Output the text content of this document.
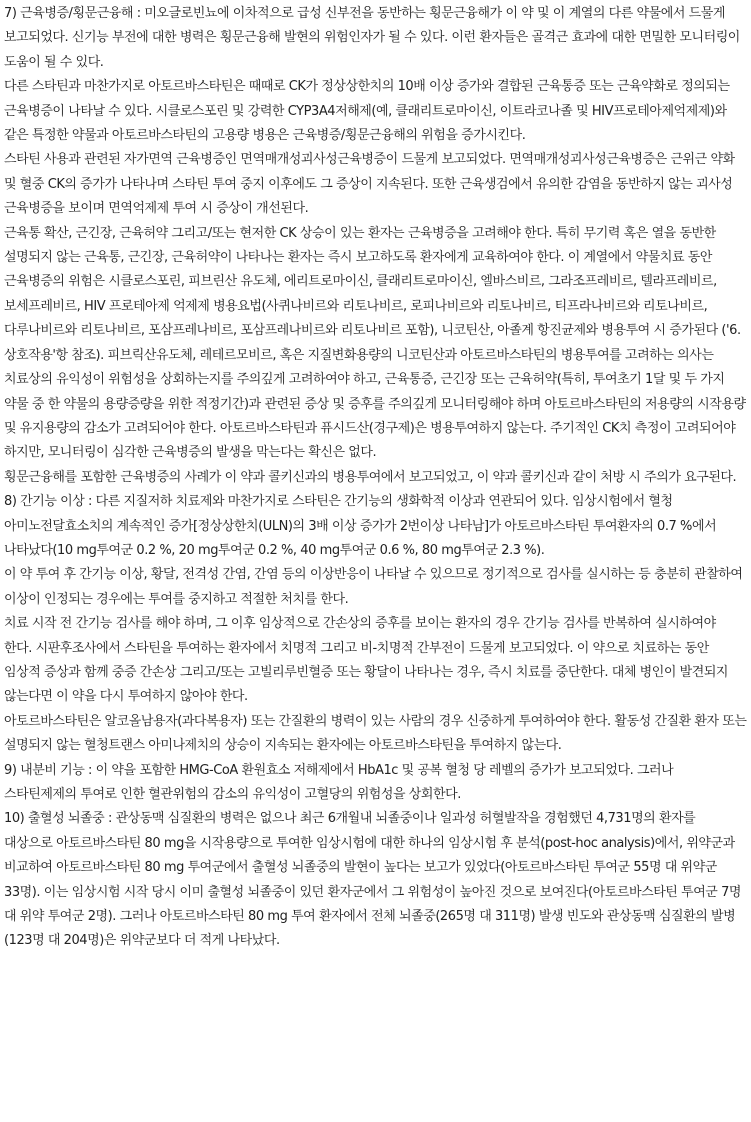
7) 근육병증/횡문근융해 : 미오글로빈뇨에 이차적으로 급성 신부전을 동반하는 횡문근융해가 이 약 및 이 계열의 다른 약물에서 드물게 보고되었다. 신기능 부전에 대한 병력은 횡문근융해 발현의 위험인자가 될 수 있다. 이런 환자들은 골격근 효과에 대한 면밀한 모니터링이 도움이 될 수 있다.

다른 스타틴과 마찬가지로 아토르바스타틴은 때때로 CK가 정상상한치의 10배 이상 증가와 결합된 근육통증 또는 근육약화로 정의되는 근육병증이 나타날 수 있다. 시클로스포린 및 강력한 CYP3A4저해제(예, 클래리트로마이신, 이트라코나졸 및 HIV프로테아제억제제)와 같은 특정한 약물과 아토르바스타틴의 고용량 병용은 근육병증/횡문근융해의 위험을 증가시킨다.

스타틴 사용과 관련된 자가면역 근육병증인 면역매개성괴사성근육병증이 드물게 보고되었다. 면역매개성괴사성근육병증은 근위근 약화 및 혈중 CK의 증가가 나타나며 스타틴 투여 중지 이후에도 그 증상이 지속된다. 또한 근육생검에서 유의한 감염을 동반하지 않는 괴사성 근육병증을 보이며 면역억제제 투여 시 증상이 개선된다.

근육통 확산, 근긴장, 근육허약 그리고/또는 현저한 CK 상승이 있는 환자는 근육병증을 고려해야 한다. 특히 무기력 혹은 열을 동반한 설명되지 않는 근육통, 근긴장, 근육허약이 나타나는 환자는 즉시 보고하도록 환자에게 교육하여야 한다. 이 계열에서 약물치료 동안 근육병증의 위험은 시클로스포린, 피브린산 유도체, 에리트로마이신, 클래리트로마이신, 엘바스비르, 그라조프레비르, 텔라프레비르, 보세프레비르, HIV 프로테아제 억제제 병용요법(사퀴나비르와 리토나비르, 로피나비르와 리토나비르, 티프라나비르와 리토나비르, 다루나비르와 리토나비르, 포삼프레나비르, 포삼프레나비르와 리토나비르 포함), 니코틴산, 아졸계 항진균제와 병용투여 시 증가된다 ('6. 상호작용'항 참조). 피브릭산유도체, 레테르모비르, 혹은 지질변화용량의 니코틴산과 아토르바스타틴의 병용투여를 고려하는 의사는 치료상의 유익성이 위험성을 상회하는지를 주의깊게 고려하여야 하고, 근육통증, 근긴장 또는 근육허약(특히, 투여초기 1달 및 두 가지 약물 중 한 약물의 용량증량을 위한 적정기간)과 관련된 증상 및 증후를 주의깊게 모니터링해야 하며 아토르바스타틴의 저용량의 시작용량 및 유지용량의 감소가 고려되어야 한다. 아토르바스타틴과 퓨시드산(경구제)은 병용투여하지 않는다. 주기적인 CK치 측정이 고려되어야 하지만, 모니터링이 심각한 근육병증의 발생을 막는다는 확신은 없다.

횡문근융해를 포함한 근육병증의 사례가 이 약과 콜키신과의 병용투여에서 보고되었고, 이 약과 콜키신과 같이 처방 시 주의가 요구된다.

8) 간기능 이상 : 다른 지질저하 치료제와 마찬가지로 스타틴은 간기능의 생화학적 이상과 연관되어 있다. 임상시험에서 혈청 아미노전달효소치의 계속적인 증가[정상상한치(ULN)의 3배 이상 증가가 2번이상 나타남]가 아토르바스타틴 투여환자의 0.7 %에서 나타났다(10 mg투여군 0.2 %, 20 mg투여군 0.2 %, 40 mg투여군 0.6 %, 80 mg투여군 2.3 %).

이 약 투여 후 간기능 이상, 황달, 전격성 간염, 간염 등의 이상반응이 나타날 수 있으므로 정기적으로 검사를 실시하는 등 충분히 관찰하여 이상이 인정되는 경우에는 투여를 중지하고 적절한 처치를 한다.

치료 시작 전 간기능 검사를 해야 하며, 그 이후 임상적으로 간손상의 증후를 보이는 환자의 경우 간기능 검사를 반복하여 실시하여야 한다. 시판후조사에서 스타틴을 투여하는 환자에서 치명적 그리고 비-치명적 간부전이 드물게 보고되었다. 이 약으로 치료하는 동안 임상적 증상과 함께 중증 간손상 그리고/또는 고빌리루빈혈증 또는 황달이 나타나는 경우, 즉시 치료를 중단한다. 대체 병인이 발견되지 않는다면 이 약을 다시 투여하지 않아야 한다.

아토르바스타틴은 알코올남용자(과다복용자) 또는 간질환의 병력이 있는 사람의 경우 신중하게 투여하여야 한다. 활동성 간질환 환자 또는 설명되지 않는 혈청트랜스 아미나제치의 상승이 지속되는 환자에는 아토르바스타틴을 투여하지 않는다.

9) 내분비 기능 : 이 약을 포함한 HMG-CoA 환원효소 저해제에서 HbA1c 및 공복 혈청 당 레벨의 증가가 보고되었다. 그러나 스타틴제제의 투여로 인한 혈관위험의 감소의 유익성이 고혈당의 위험성을 상회한다.

10) 출혈성 뇌졸중 : 관상동맥 심질환의 병력은 없으나 최근 6개월내 뇌졸중이나 일과성 허혈발작을 경험했던 4,731명의 환자를 대상으로 아토르바스타틴 80 mg을 시작용량으로 투여한 임상시험에 대한 하나의 임상시험 후 분석(post-hoc analysis)에서, 위약군과 비교하여 아토르바스타틴 80 mg 투여군에서 출혈성 뇌졸중의 발현이 높다는 보고가 있었다(아토르바스타틴 투여군 55명 대 위약군 33명). 이는 임상시험 시작 당시 이미 출혈성 뇌졸중이 있던 환자군에서 그 위험성이 높아진 것으로 보여진다(아토르바스타틴 투여군 7명 대 위약 투여군 2명). 그러나 아토르바스타틴 80 mg 투여 환자에서 전체 뇌졸중(265명 대 311명) 발생 빈도와 관상동맥 심질환의 발병(123명 대 204명)은 위약군보다 더 적게 나타났다.
